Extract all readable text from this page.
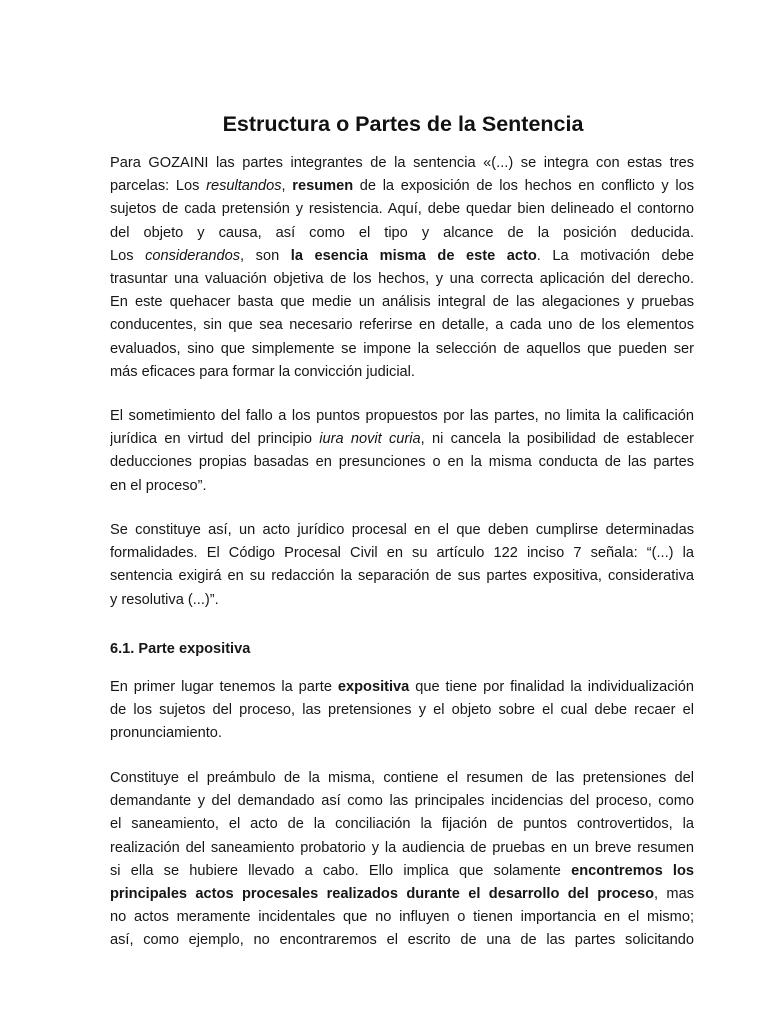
Estructura o Partes de la Sentencia
Para GOZAINI las partes integrantes de la sentencia «(...) se integra con estas tres
parcelas: Los resultandos, resumen de la exposición de los hechos en conflicto y los
sujetos de cada pretensión y resistencia. Aquí, debe quedar bien delineado el contorno
del objeto y causa, así como el tipo y alcance de la posición deducida.
Los considerandos, son la esencia misma de este acto. La motivación debe
trasuntar una valuación objetiva de los hechos, y una correcta aplicación del derecho.
En este quehacer basta que medie un análisis integral de las alegaciones y pruebas
conducentes, sin que sea necesario referirse en detalle, a cada uno de los elementos
evaluados, sino que simplemente se impone la selección de aquellos que pueden ser
más eficaces para formar la convicción judicial.
El sometimiento del fallo a los puntos propuestos por las partes, no limita la calificación
jurídica en virtud del principio iura novit curia, ni cancela la posibilidad de establecer
deducciones propias basadas en presunciones o en la misma conducta de las partes
en el proceso”.
Se constituye así, un acto jurídico procesal en el que deben cumplirse determinadas
formalidades. El Código Procesal Civil en su artículo 122 inciso 7 señala: “(...) la
sentencia exigirá en su redacción la separación de sus partes expositiva, considerativa
y resolutiva (...)”.
6.1. Parte expositiva
En primer lugar tenemos la parte expositiva que tiene por finalidad la individualización
de los sujetos del proceso, las pretensiones y el objeto sobre el cual debe recaer el
pronunciamiento.
Constituye el preámbulo de la misma, contiene el resumen de las pretensiones del
demandante y del demandado así como las principales incidencias del proceso, como
el saneamiento, el acto de la conciliación la fijación de puntos controvertidos, la
realización del saneamiento probatorio y la audiencia de pruebas en un breve resumen
si ella se hubiere llevado a cabo. Ello implica que solamente encontremos los
principales actos procesales realizados durante el desarrollo del proceso, mas
no actos meramente incidentales que no influyen o tienen importancia en el mismo;
así, como ejemplo, no encontraremos el escrito de una de las partes solicitando
